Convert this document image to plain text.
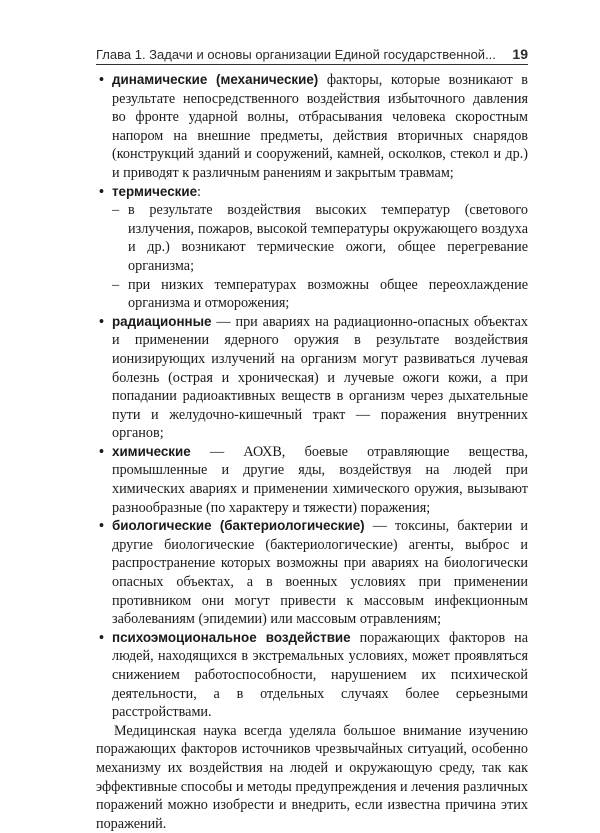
Глава 1. Задачи и основы организации Единой государственной... 19

• динамические (механические) факторы, которые возникают в результате непосредственного воздействия избыточного давления во фронте ударной волны, отбрасывания человека скоростным напором на внешние предметы, действия вторичных снарядов (конструкций зданий и сооружений, камней, осколков, стекол и др.) и приводят к различным ранениям и закрытым травмам;

• термические:

– в результате воздействия высоких температур (светового излучения, пожаров, высокой температуры окружающего воздуха и др.) возникают термические ожоги, общее перегревание организма;
– при низких температурах возможны общее переохлаждение организма и отморожения;

• радиационные — при авариях на радиационно-опасных объектах и применении ядерного оружия в результате воздействия ионизирующих излучений на организм могут развиваться лучевая болезнь (острая и хроническая) и лучевые ожоги кожи, а при попадании радиоактивных веществ в организм через дыхательные пути и желудочно-кишечный тракт — поражения внутренних органов;

• химические — АОХВ, боевые отравляющие вещества, промышленные и другие яды, воздействуя на людей при химических авариях и применении химического оружия, вызывают разнообразные (по характеру и тяжести) поражения;

• биологические (бактериологические) — токсины, бактерии и другие биологические (бактериологические) агенты, выброс и распространение которых возможны при авариях на биологически опасных объектах, а в военных условиях при применении противником они могут привести к массовым инфекционным заболеваниям (эпидемии) или массовым отравлениям;

• психоэмоциональное воздействие поражающих факторов на людей, находящихся в экстремальных условиях, может проявляться снижением работоспособности, нарушением их психической деятельности, а в отдельных случаях более серьезными расстройствами.

Медицинская наука всегда уделяла большое внимание изучению поражающих факторов источников чрезвычайных ситуаций, особенно механизму их воздействия на людей и окружающую среду, так как эффективные способы и методы предупреждения и лечения различных поражений можно изобрести и внедрить, если известна причина этих поражений.
